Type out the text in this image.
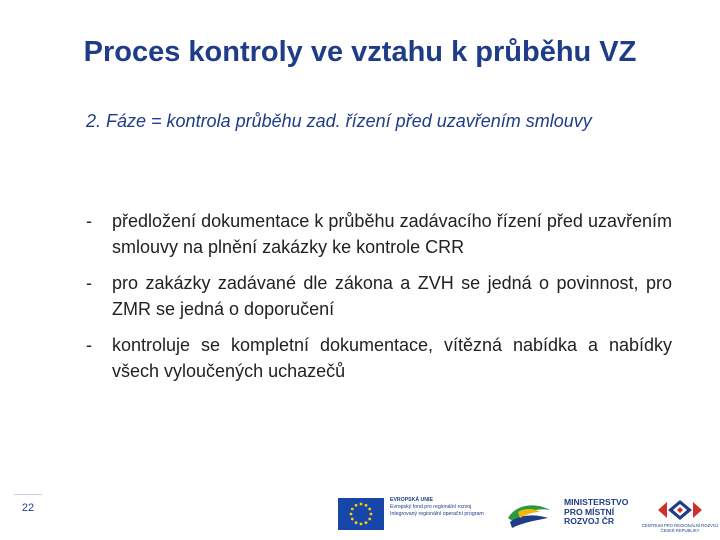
Proces kontroly ve vztahu k průběhu VZ
2. Fáze = kontrola průběhu zad. řízení před uzavřením smlouvy
- předložení dokumentace k průběhu zadávacího řízení před uzavřením smlouvy na plnění zakázky ke kontrole CRR
- pro zakázky zadávané dle zákona a ZVH se jedná o povinnost, pro ZMR se jedná o doporučení
- kontroluje se kompletní dokumentace, vítězná nabídka a nabídky všech vyloučených uchazečů
22
EVROPSKÁ UNIE
Evropský fond pro regionální rozvoj
Integrovaný regionální operační program
MINISTERSTVO
PRO MÍSTNÍ
ROZVOJ ČR	CENTRUM PRO REGIONÁLNÍ ROZVOJ
ČESKÉ REPUBLIKY
